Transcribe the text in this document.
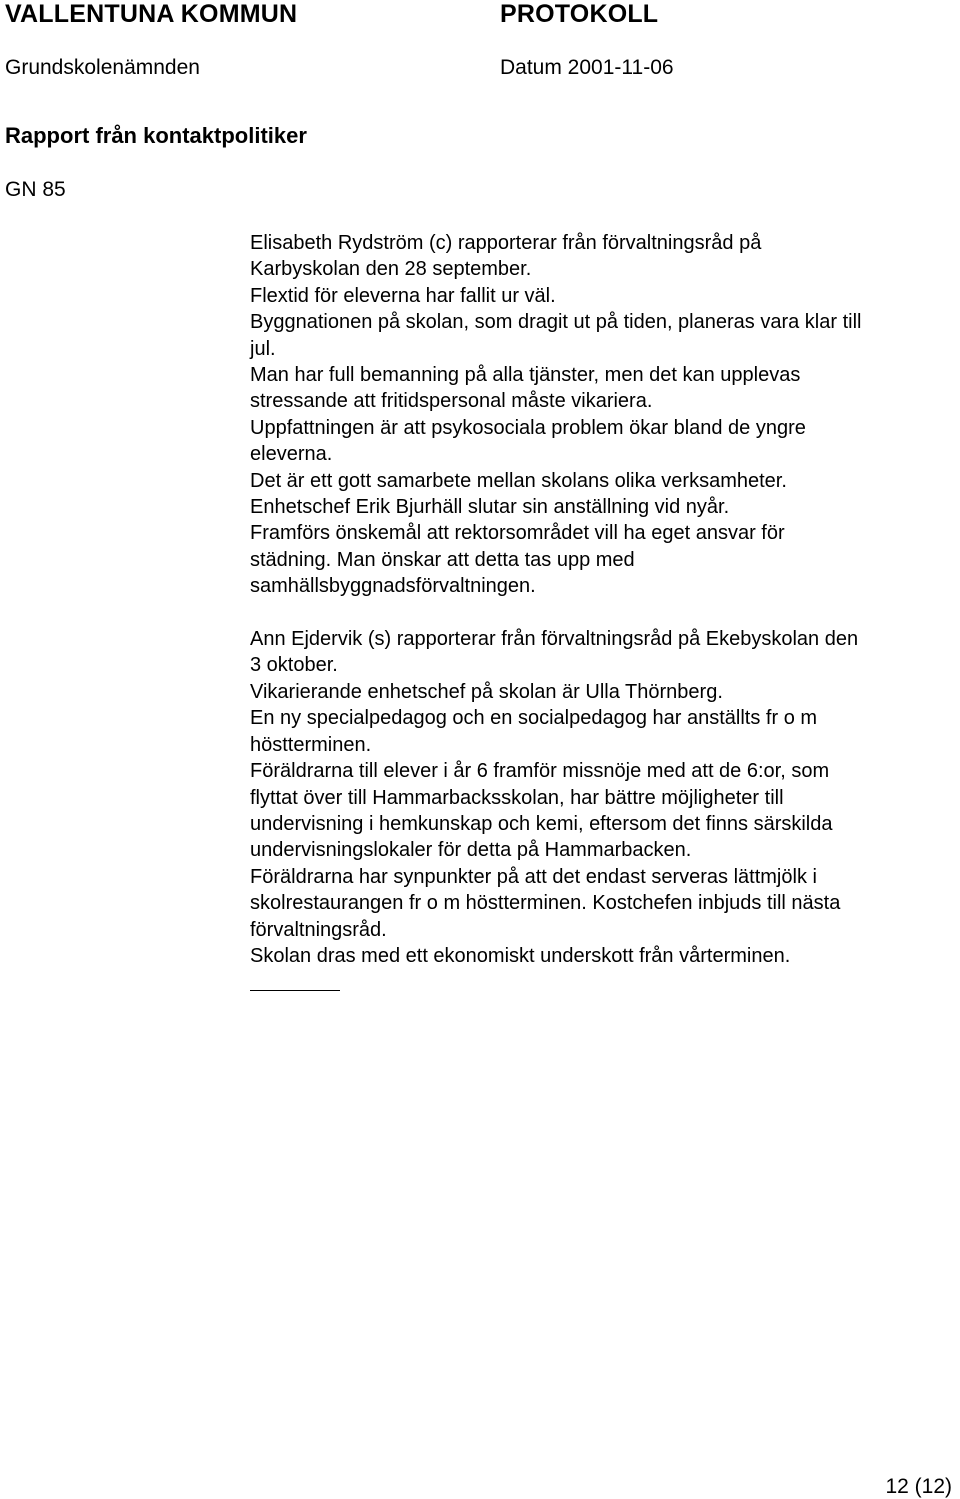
VALLENTUNA KOMMUN	PROTOKOLL
Grundskolenämnden	Datum 2001-11-06
Rapport från kontaktpolitiker
GN 85
Elisabeth Rydström (c) rapporterar från förvaltningsråd på
Karbyskolan den 28 september.
Flextid för eleverna har fallit ur väl.
Byggnationen på skolan, som dragit ut på tiden, planeras vara klar till
jul.
Man har full bemanning på alla tjänster, men det kan upplevas
stressande att fritidspersonal måste vikariera.
Uppfattningen är att psykosociala problem ökar bland de yngre
eleverna.
Det är ett gott samarbete mellan skolans olika verksamheter.
Enhetschef Erik Bjurhäll slutar sin anställning vid nyår.
Framförs önskemål att rektorsområdet vill ha eget ansvar för
städning. Man önskar att detta tas upp med
samhällsbyggnadsförvaltningen.
Ann Ejdervik (s) rapporterar från förvaltningsråd på Ekebyskolan den
3 oktober.
Vikarierande enhetschef på skolan är Ulla Thörnberg.
En ny specialpedagog och en socialpedagog har anställts fr o m
höstterminen.
Föräldrarna till elever i år 6 framför missnöje med att de 6:or, som
flyttat över till Hammarbacksskolan, har bättre möjligheter till
undervisning i hemkunskap och kemi, eftersom det finns särskilda
undervisningslokaler för detta på Hammarbacken.
Föräldrarna har synpunkter på att det endast serveras lättmjölk i
skolrestaurangen fr o m höstterminen. Kostchefen inbjuds till nästa
förvaltningsråd.
Skolan dras med ett ekonomiskt underskott från vårterminen.
12 (12)
